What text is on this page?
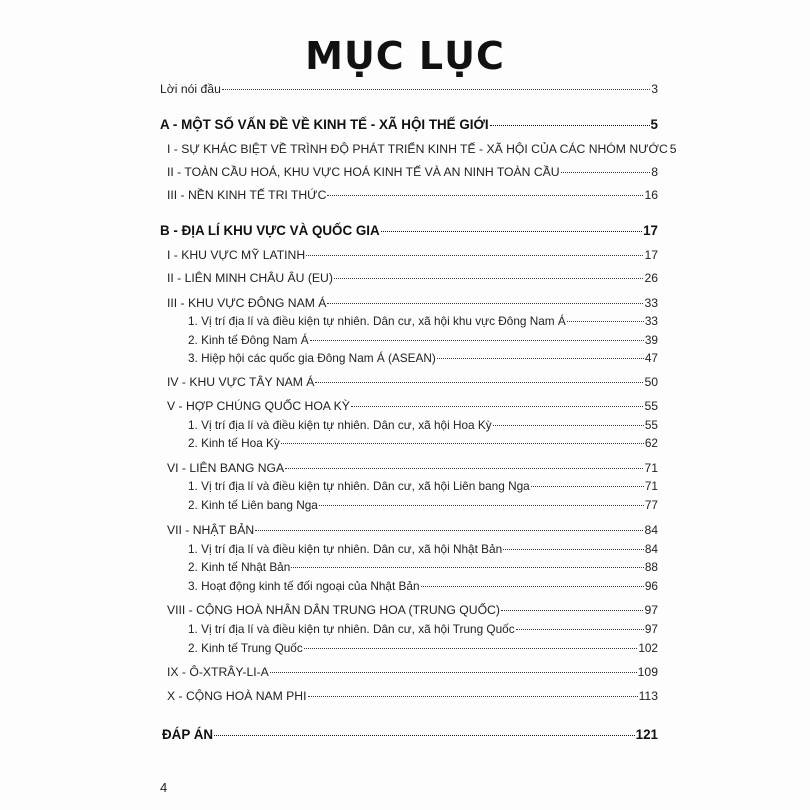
MỤC LỤC
Lời nói đầu	3
A - MỘT SỐ VẤN ĐỀ VỀ KINH TẾ - XÃ HỘI THẾ GIỚI	5
I - SỰ KHÁC BIỆT VỀ TRÌNH ĐỘ PHÁT TRIỂN KINH TẾ - XÃ HỘI CỦA CÁC NHÓM NƯỚC 5
II - TOÀN CẦU HOÁ, KHU VỰC HOÁ KINH TẾ VÀ AN NINH TOÀN CẦU	8
III - NỀN KINH TẾ TRI THỨC	16
B - ĐỊA LÍ KHU VỰC VÀ QUỐC GIA	17
I - KHU VỰC MỸ LATINH	17
II - LIÊN MINH CHÂU ÂU (EU)	26
III - KHU VỰC ĐÔNG NAM Á	33
1. Vị trí địa lí và điều kiện tự nhiên. Dân cư, xã hội khu vực Đông Nam Á	33
2. Kinh tế Đông Nam Á	39
3. Hiệp hội các quốc gia Đông Nam Á (ASEAN)	47
IV - KHU VỰC TÂY NAM Á	50
V - HỢP CHÚNG QUỐC HOA KỲ	55
1. Vị trí địa lí và điều kiện tự nhiên. Dân cư, xã hội Hoa Kỳ	55
2. Kinh tế Hoa Kỳ	62
VI - LIÊN BANG NGA	71
1. Vị trí địa lí và điều kiện tự nhiên. Dân cư, xã hội Liên bang Nga	71
2. Kinh tế Liên bang Nga	77
VII - NHẬT BẢN	84
1. Vị trí địa lí và điều kiện tự nhiên. Dân cư, xã hội Nhật Bản	84
2. Kinh tế Nhật Bản	88
3. Hoạt động kinh tế đối ngoại của Nhật Bản	96
VIII - CỘNG HOÀ NHÂN DÂN TRUNG HOA (TRUNG QUỐC)	97
1. Vị trí địa lí và điều kiện tự nhiên. Dân cư, xã hội Trung Quốc	97
2. Kinh tế Trung Quốc	102
IX - Ô-XTRÂY-LI-A	109
X - CỘNG HOÀ NAM PHI	113
ĐÁP ÁN	121
4
